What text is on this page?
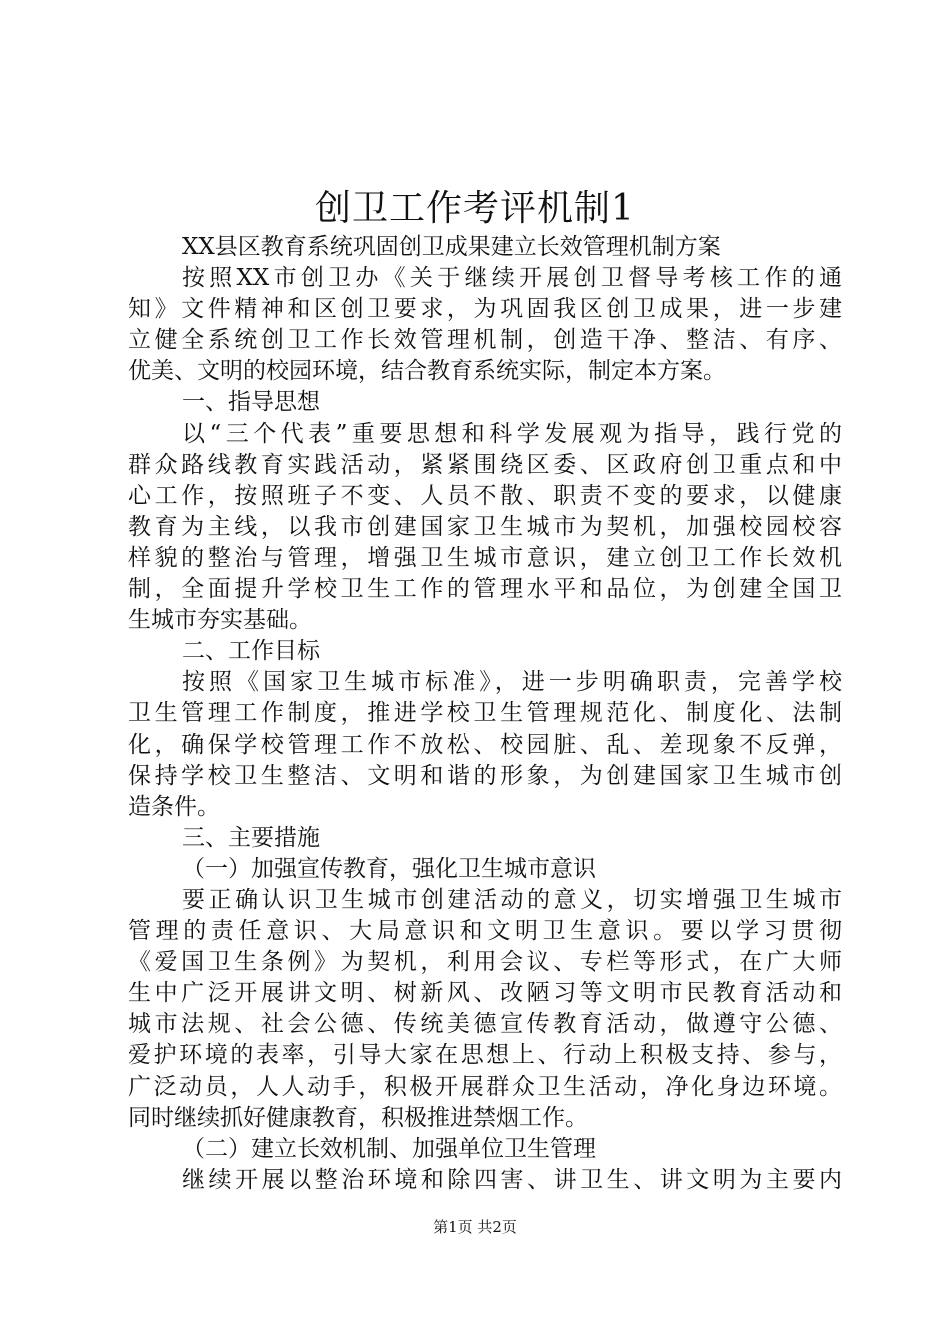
创卫工作考评机制1
XX县区教育系统巩固创卫成果建立长效管理机制方案
按照XX市创卫办《关于继续开展创卫督导考核工作的通
知》文件精神和区创卫要求，为巩固我区创卫成果，进一步建
立健全系统创卫工作长效管理机制，创造干净、整洁、有序、
优美、文明的校园环境，结合教育系统实际，制定本方案。
一、指导思想
以“三个代表”重要思想和科学发展观为指导，践行党的
群众路线教育实践活动，紧紧围绕区委、区政府创卫重点和中
心工作，按照班子不变、人员不散、职责不变的要求，以健康
教育为主线，以我市创建国家卫生城市为契机，加强校园校容
样貌的整治与管理，增强卫生城市意识，建立创卫工作长效机
制，全面提升学校卫生工作的管理水平和品位，为创建全国卫
生城市夯实基础。
二、工作目标
按照《国家卫生城市标准》，进一步明确职责，完善学校
卫生管理工作制度，推进学校卫生管理规范化、制度化、法制
化，确保学校管理工作不放松、校园脏、乱、差现象不反弹，
保持学校卫生整洁、文明和谐的形象，为创建国家卫生城市创
造条件。
三、主要措施
（一）加强宣传教育，强化卫生城市意识
要正确认识卫生城市创建活动的意义，切实增强卫生城市
管理的责任意识、大局意识和文明卫生意识。要以学习贯彻
《爱国卫生条例》为契机，利用会议、专栏等形式，在广大师
生中广泛开展讲文明、树新风、改陋习等文明市民教育活动和
城市法规、社会公德、传统美德宣传教育活动，做遵守公德、
爱护环境的表率，引导大家在思想上、行动上积极支持、参与，
广泛动员，人人动手，积极开展群众卫生活动，净化身边环境。
同时继续抓好健康教育，积极推进禁烟工作。
（二）建立长效机制、加强单位卫生管理
继续开展以整治环境和除四害、讲卫生、讲文明为主要内
第1页 共2页
